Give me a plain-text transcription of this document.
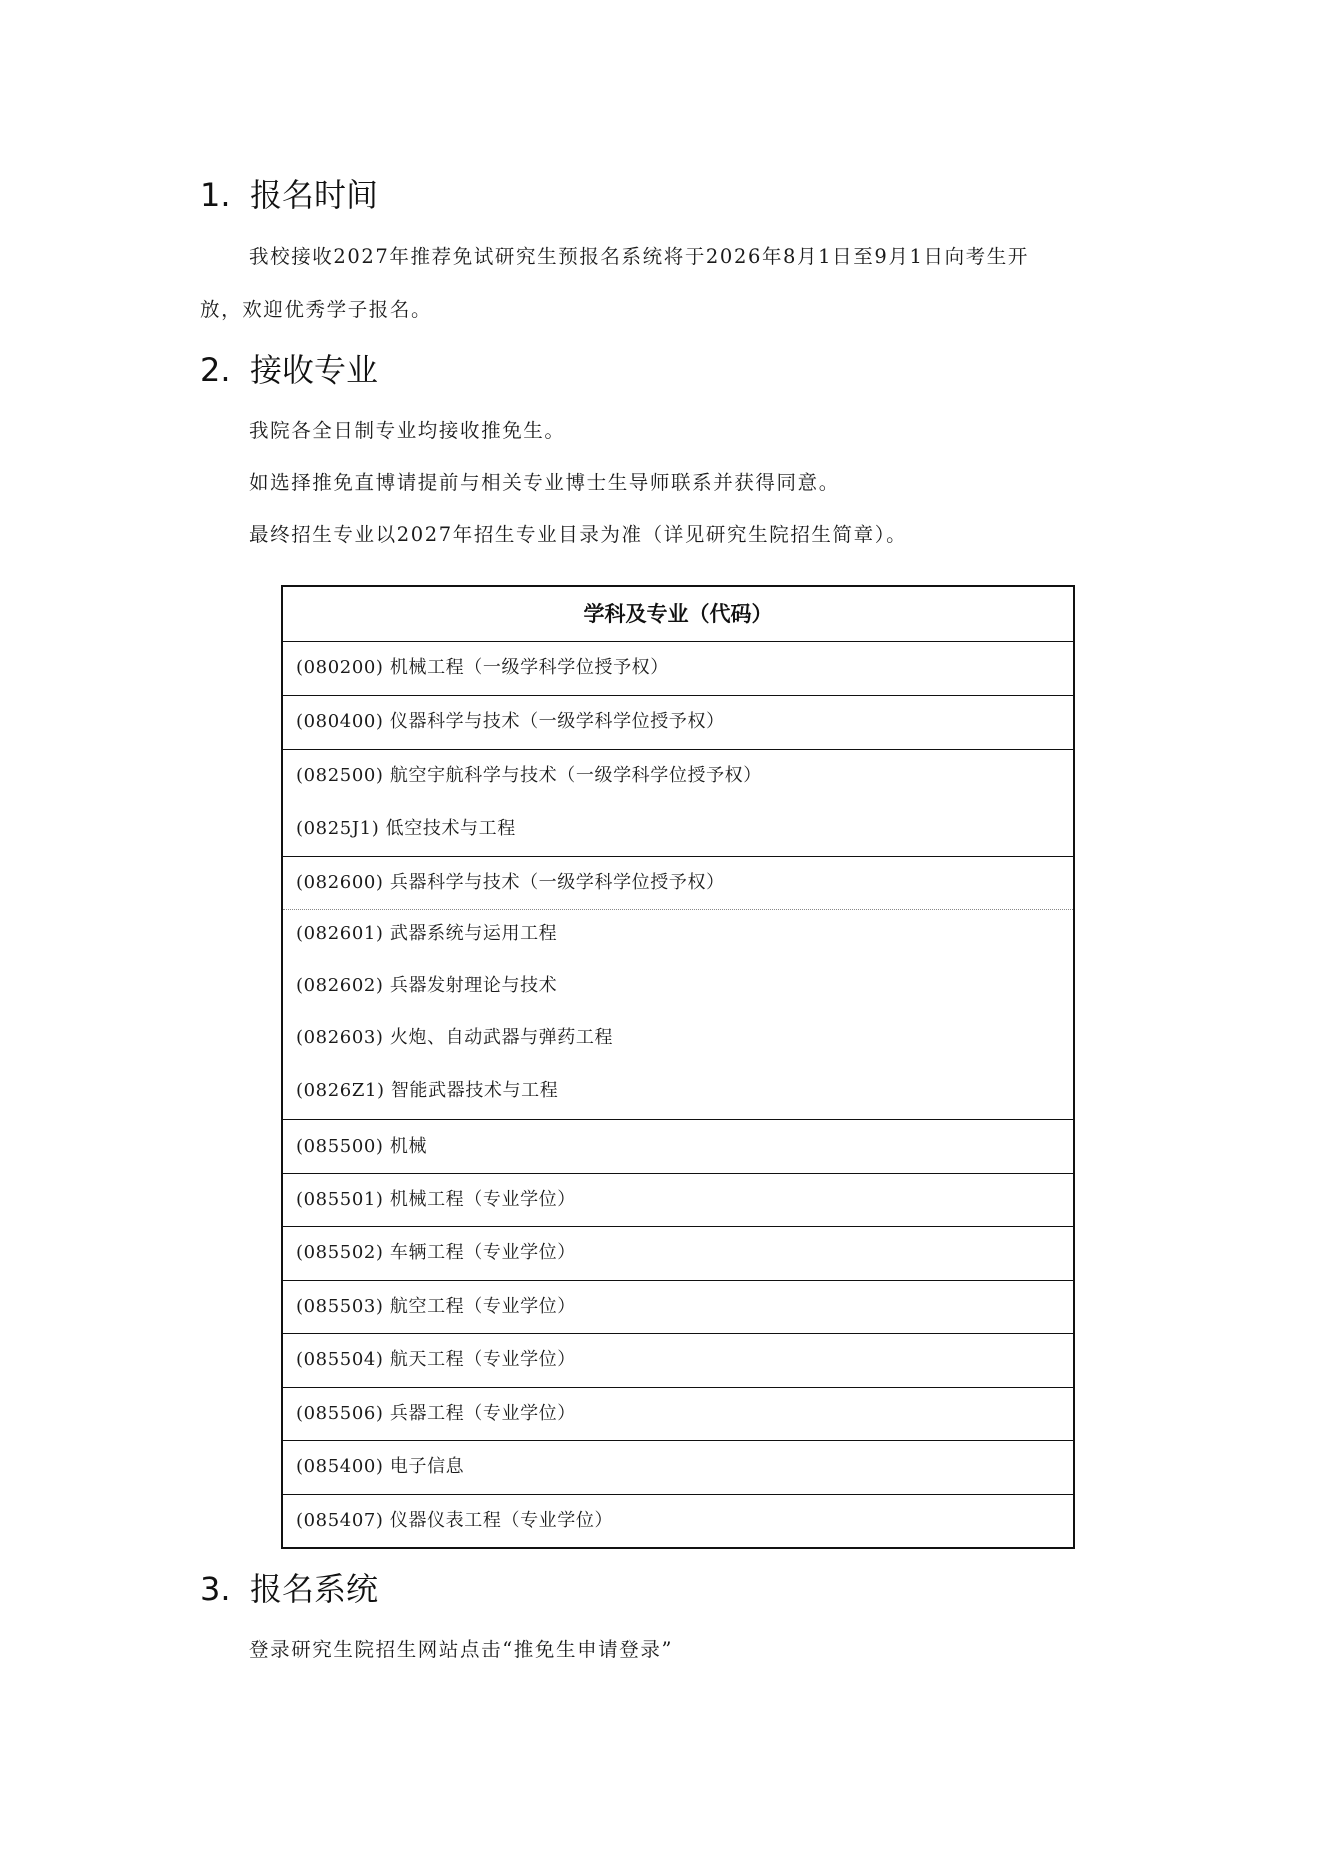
1. 报名时间
我校接收2027年推荐免试研究生预报名系统将于2026年8月1日至9月1日向考生开
放，欢迎优秀学子报名。
2. 接收专业
我院各全日制专业均接收推免生。
如选择推免直博请提前与相关专业博士生导师联系并获得同意。
最终招生专业以2027年招生专业目录为准（详见研究生院招生简章）。
学科及专业（代码）
(080200) 机械工程（一级学科学位授予权）
(080400) 仪器科学与技术（一级学科学位授予权）
(082500) 航空宇航科学与技术（一级学科学位授予权）
(0825J1) 低空技术与工程
(082600) 兵器科学与技术（一级学科学位授予权）
(082601) 武器系统与运用工程
(082602) 兵器发射理论与技术
(082603) 火炮、自动武器与弹药工程
(0826Z1) 智能武器技术与工程
(085500) 机械
(085501) 机械工程（专业学位）
(085502) 车辆工程（专业学位）
(085503) 航空工程（专业学位）
(085504) 航天工程（专业学位）
(085506) 兵器工程（专业学位）
(085400) 电子信息
(085407) 仪器仪表工程（专业学位）
3. 报名系统
登录研究生院招生网站点击“推免生申请登录”
